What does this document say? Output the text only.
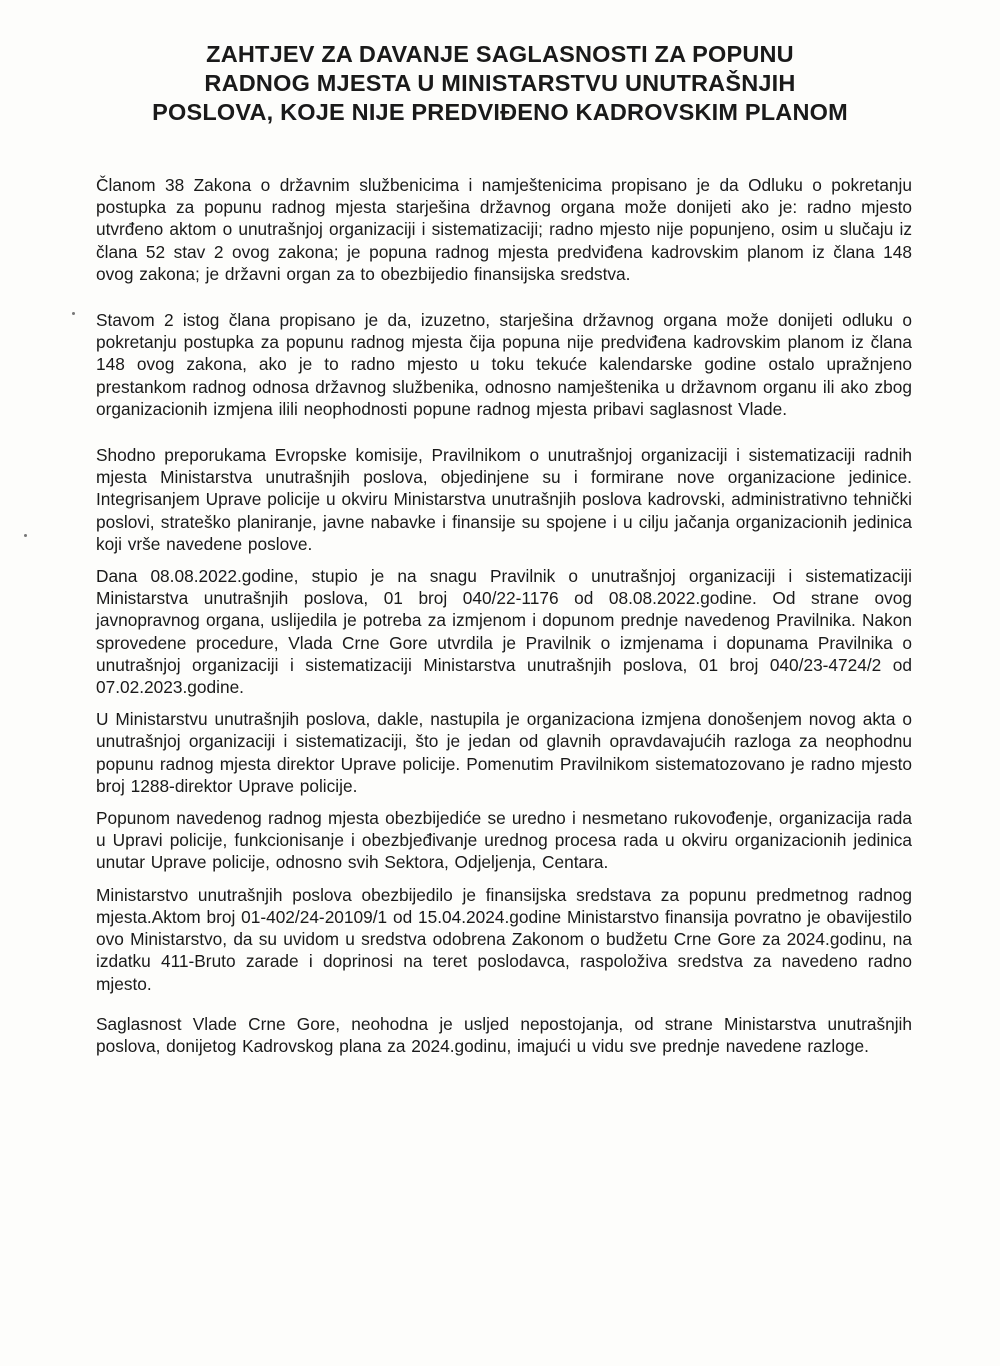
ZAHTJEV ZA DAVANJE SAGLASNOSTI ZA POPUNU RADNOG MJESTA U MINISTARSTVU UNUTRAŠNJIH POSLOVA, KOJE NIJE PREDVIĐENO KADROVSKIM PLANOM

Članom 38 Zakona o državnim službenicima i namještenicima propisano je da Odluku o pokretanju postupka za popunu radnog mjesta starješina državnog organa može donijeti ako je: radno mjesto utvrđeno aktom o unutrašnjoj organizaciji i sistematizaciji; radno mjesto nije popunjeno, osim u slučaju iz člana 52 stav 2 ovog zakona; je popuna radnog mjesta predviđena kadrovskim planom iz člana 148 ovog zakona; je državni organ za to obezbijedio finansijska sredstva.

Stavom 2 istog člana propisano je da, izuzetno, starješina državnog organa može donijeti odluku o pokretanju postupka za popunu radnog mjesta čija popuna nije predviđena kadrovskim planom iz člana 148 ovog zakona, ako je to radno mjesto u toku tekuće kalendarske godine ostalo upražnjeno prestankom radnog odnosa državnog službenika, odnosno namještenika u državnom organu ili ako zbog organizacionih izmjena ilili neophodnosti popune radnog mjesta pribavi saglasnost Vlade.

Shodno preporukama Evropske komisije, Pravilnikom o unutrašnjoj organizaciji i sistematizaciji radnih mjesta Ministarstva unutrašnjih poslova, objedinjene su i formirane nove organizacione jedinice. Integrisanjem Uprave policije u okviru Ministarstva unutrašnjih poslova kadrovski, administrativno tehnički poslovi, strateško planiranje, javne nabavke i finansije su spojene i u cilju jačanja organizacionih jedinica koji vrše navedene poslove.

Dana 08.08.2022.godine, stupio je na snagu Pravilnik o unutrašnjoj organizaciji i sistematizaciji Ministarstva unutrašnjih poslova, 01 broj 040/22-1176 od 08.08.2022.godine. Od strane ovog javnopravnog organa, uslijedila je potreba za izmjenom i dopunom prednje navedenog Pravilnika. Nakon sprovedene procedure, Vlada Crne Gore utvrdila je Pravilnik o izmjenama i dopunama Pravilnika o unutrašnjoj organizaciji i sistematizaciji Ministarstva unutrašnjih poslova, 01 broj 040/23-4724/2 od 07.02.2023.godine.

U Ministarstvu unutrašnjih poslova, dakle, nastupila je organizaciona izmjena donošenjem novog akta o unutrašnjoj organizaciji i sistematizaciji, što je jedan od glavnih opravdavajućih razloga za neophodnu popunu radnog mjesta direktor Uprave policije. Pomenutim Pravilnikom sistematozovano je radno mjesto broj 1288-direktor Uprave policije.

Popunom navedenog radnog mjesta obezbijediće se uredno i nesmetano rukovođenje, organizacija rada u Upravi policije, funkcionisanje i obezbjeđivanje urednog procesa rada u okviru organizacionih jedinica unutar Uprave policije, odnosno svih Sektora, Odjeljenja, Centara.

Ministarstvo unutrašnjih poslova obezbijedilo je finansijska sredstava za popunu predmetnog radnog mjesta.Aktom broj 01-402/24-20109/1 od 15.04.2024.godine Ministarstvo finansija povratno je obavijestilo ovo Ministarstvo, da su uvidom u sredstva odobrena Zakonom o budžetu Crne Gore za 2024.godinu, na izdatku 411-Bruto zarade i doprinosi na teret poslodavca, raspoloživa sredstva za navedeno radno mjesto.

Saglasnost Vlade Crne Gore, neohodna je usljed nepostojanja, od strane Ministarstva unutrašnjih poslova, donijetog Kadrovskog plana za 2024.godinu, imajući u vidu sve prednje navedene razloge.
